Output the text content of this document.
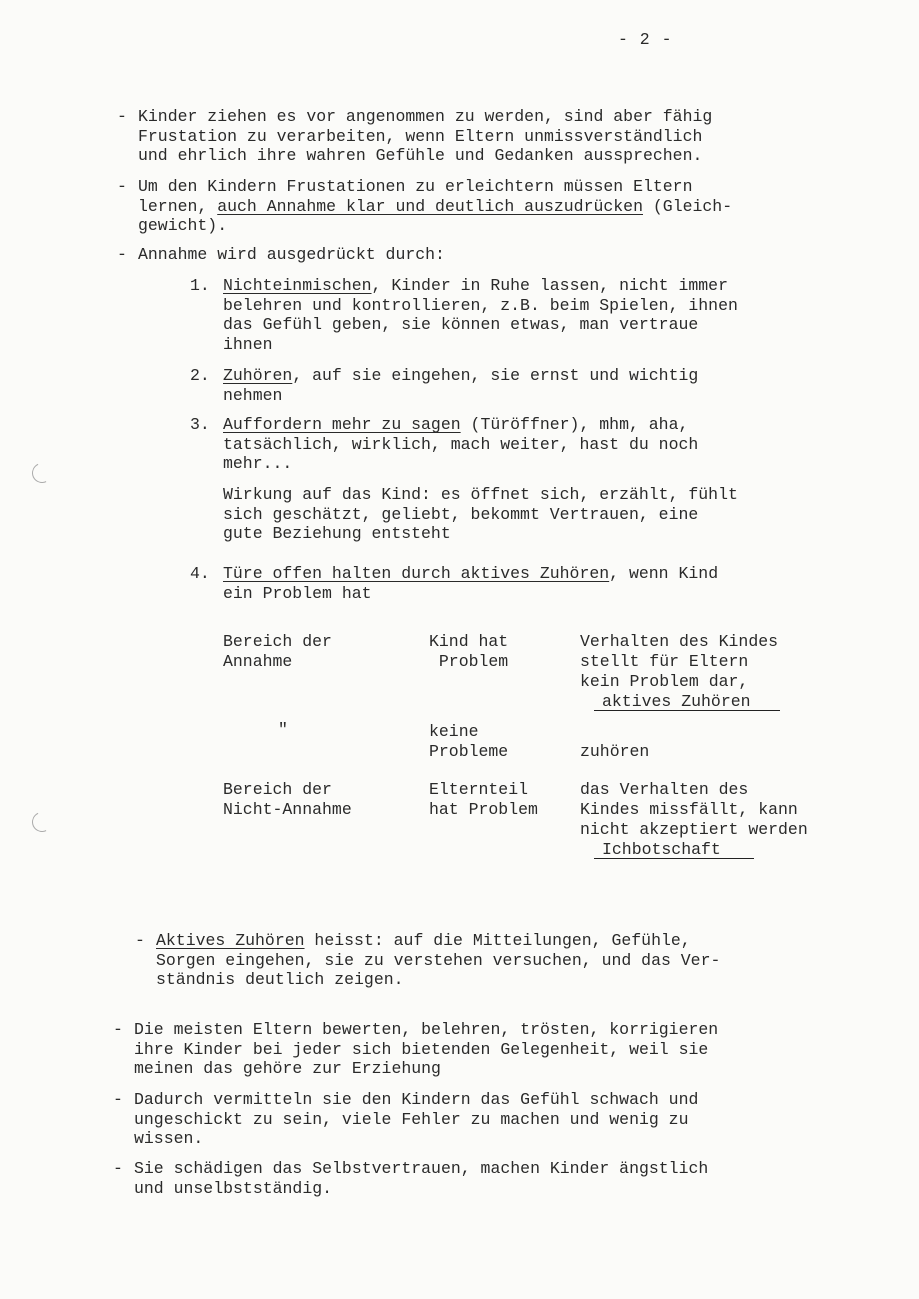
- 2 -
- Kinder ziehen es vor angenommen zu werden, sind aber fähig
Frustation zu verarbeiten, wenn Eltern unmissverständlich
und ehrlich ihre wahren Gefühle und Gedanken aussprechen.
- Um den Kindern Frustationen zu erleichtern müssen Eltern
lernen, auch Annahme klar und deutlich auszudrücken (Gleich-
gewicht).
- Annahme wird ausgedrückt durch:
1. Nichteinmischen, Kinder in Ruhe lassen, nicht immer
belehren und kontrollieren, z.B. beim Spielen, ihnen
das Gefühl geben, sie können etwas, man vertraue
ihnen
2. Zuhören, auf sie eingehen, sie ernst und wichtig
nehmen
3. Auffordern mehr zu sagen (Türöffner), mhm, aha,
tatsächlich, wirklich, mach weiter, hast du noch
mehr...
Wirkung auf das Kind: es öffnet sich, erzählt, fühlt
sich geschätzt, geliebt, bekommt Vertrauen, eine
gute Beziehung entsteht
4. Türe offen halten durch aktives Zuhören, wenn Kind
ein Problem hat
Bereich der
Annahme
Kind hat
Problem
Verhalten des Kindes
stellt für Eltern
kein Problem dar,
aktives Zuhören
"	keine
Probleme	zuhören
Bereich der
Nicht-Annahme
Elternteil
hat Problem
das Verhalten des
Kindes missfällt, kann
nicht akzeptiert werden
Ichbotschaft
- Aktives Zuhören heisst: auf die Mitteilungen, Gefühle,
Sorgen eingehen, sie zu verstehen versuchen, und das Ver-
ständnis deutlich zeigen.
- Die meisten Eltern bewerten, belehren, trösten, korrigieren
ihre Kinder bei jeder sich bietenden Gelegenheit, weil sie
meinen das gehöre zur Erziehung
- Dadurch vermitteln sie den Kindern das Gefühl schwach und
ungeschickt zu sein, viele Fehler zu machen und wenig zu
wissen.
- Sie schädigen das Selbstvertrauen, machen Kinder ängstlich
und unselbstständig.
